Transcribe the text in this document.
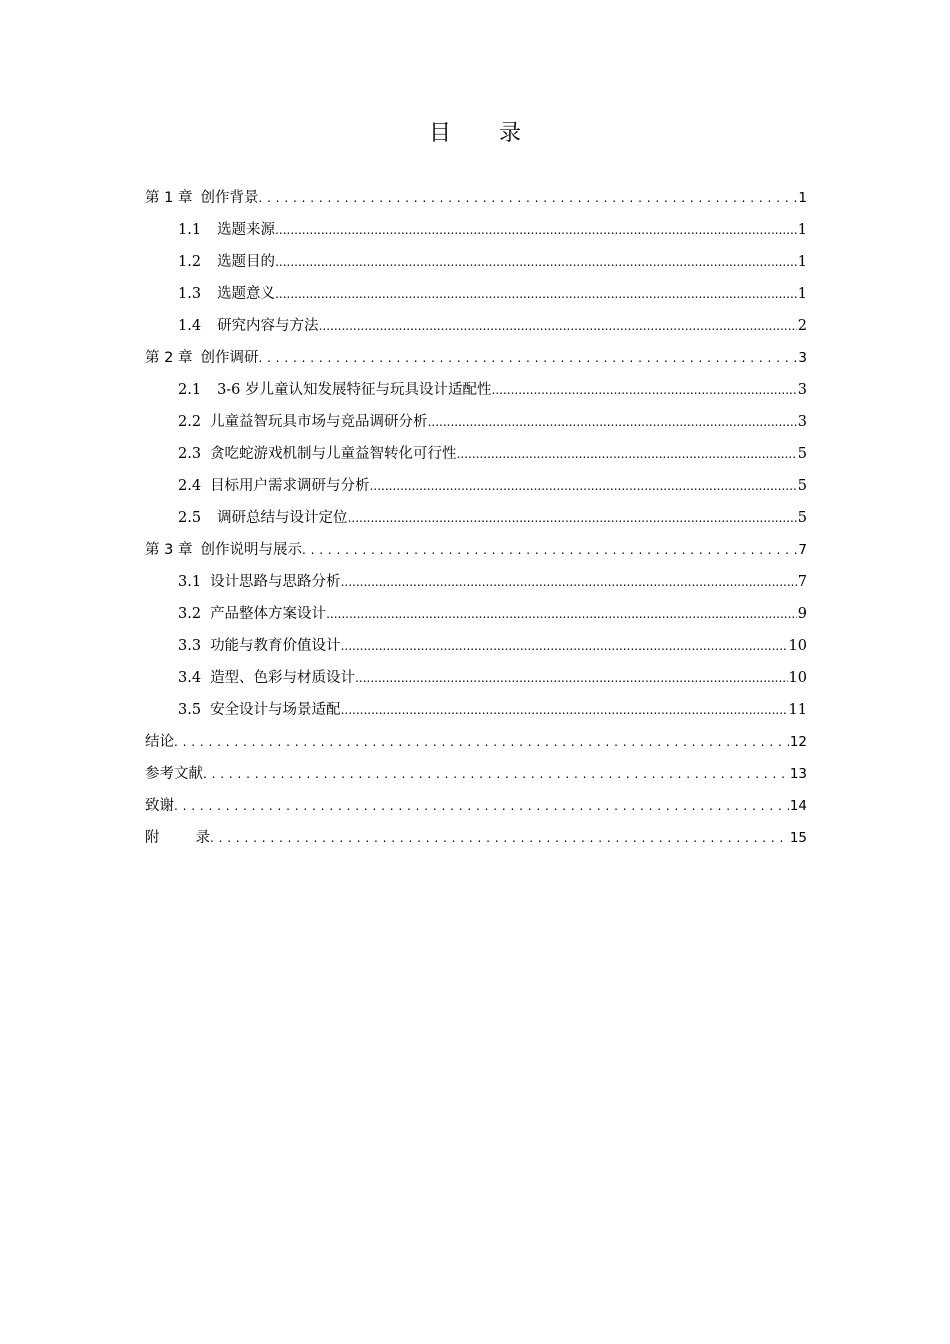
目 录
第 1 章 创作背景 . . .	1
1.1 选题来源 .....	1
1.2 选题目的 .....	1
1.3 选题意义 .....	1
1.4 研究内容与方法 .....	2
第 2 章 创作调研 . . .	3
2.1 3-6 岁儿童认知发展特征与玩具设计适配性 .....	3
2.2 儿童益智玩具市场与竞品调研分析 .....	3
2.3 贪吃蛇游戏机制与儿童益智转化可行性 .....	5
2.4 目标用户需求调研与分析 .....	5
2.5 调研总结与设计定位 .....	5
第 3 章 创作说明与展示 . . .	7
3.1 设计思路与思路分析 .....	7
3.2 产品整体方案设计 .....	9
3.3 功能与教育价值设计 .....	10
3.4 造型、色彩与材质设计 .....	10
3.5 安全设计与场景适配 .....	11
结论 . . .	12
参考文献 . . .	13
致谢 . . .	14
附 录 . . .	15
